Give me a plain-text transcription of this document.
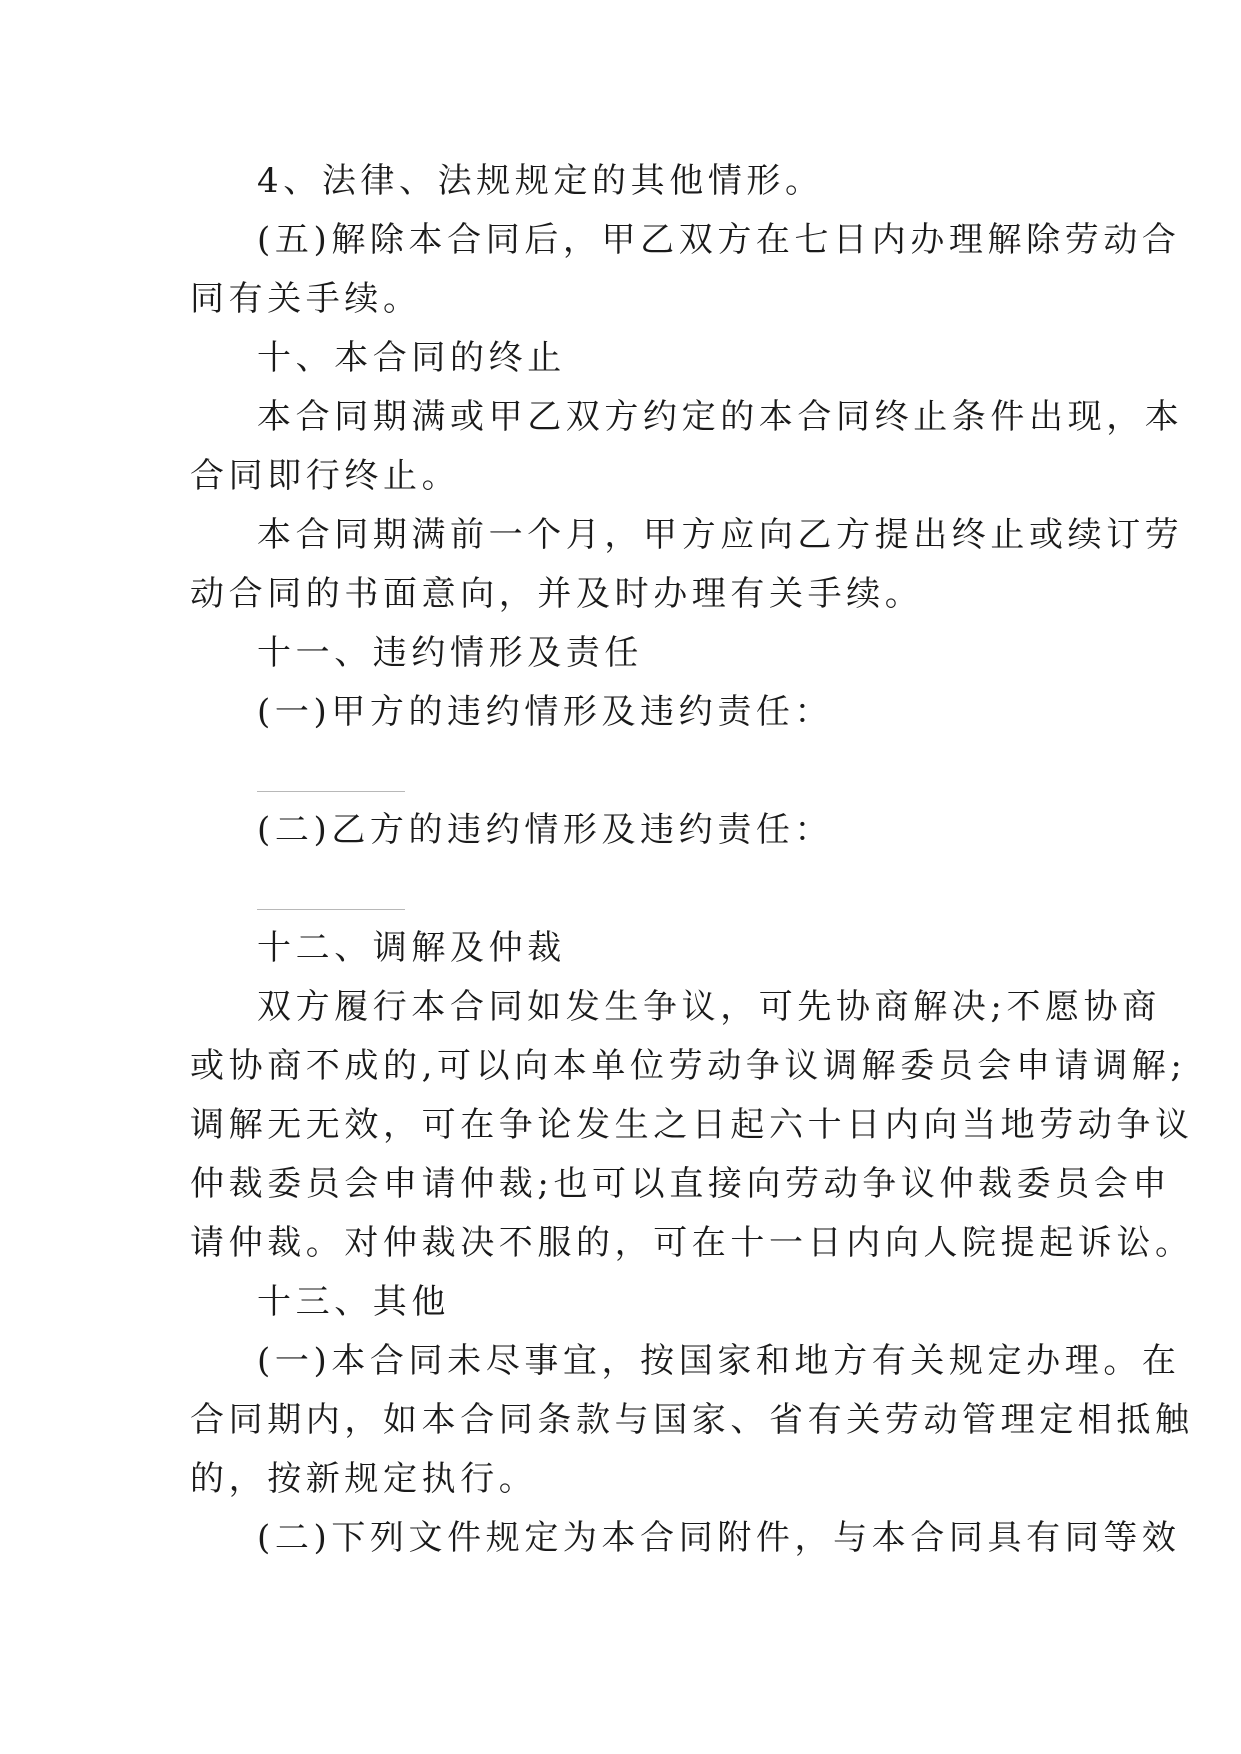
4、法律、法规规定的其他情形。
(五)解除本合同后，甲乙双方在七日内办理解除劳动合
同有关手续。
十、本合同的终止
本合同期满或甲乙双方约定的本合同终止条件出现，本
合同即行终止。
本合同期满前一个月，甲方应向乙方提出终止或续订劳
动合同的书面意向，并及时办理有关手续。
十一、违约情形及责任
(一)甲方的违约情形及违约责任：
(二)乙方的违约情形及违约责任：
十二、调解及仲裁
双方履行本合同如发生争议，可先协商解决;不愿协商
或协商不成的,可以向本单位劳动争议调解委员会申请调解;
调解无无效，可在争论发生之日起六十日内向当地劳动争议
仲裁委员会申请仲裁;也可以直接向劳动争议仲裁委员会申
请仲裁。对仲裁决不服的，可在十一日内向人院提起诉讼。
十三、其他
(一)本合同未尽事宜，按国家和地方有关规定办理。在
合同期内，如本合同条款与国家、省有关劳动管理定相抵触
的，按新规定执行。
(二)下列文件规定为本合同附件，与本合同具有同等效
